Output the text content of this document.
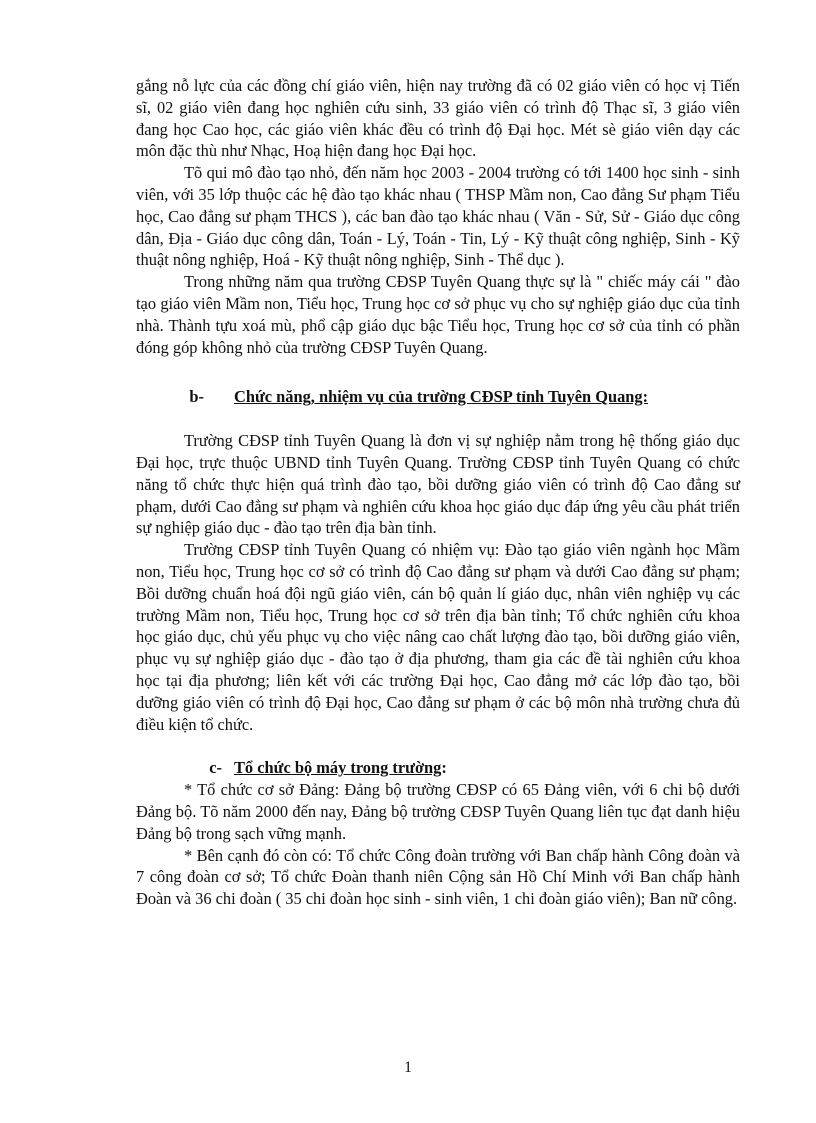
gắng nỗ lực của các đồng chí giáo viên, hiện nay trường đã có 02 giáo viên có học vị Tiến sĩ, 02 giáo viên đang học nghiên cứu sinh, 33 giáo viên có trình độ Thạc sĩ, 3 giáo viên đang học Cao học, các giáo viên khác đều có trình độ Đại học. Mét sè giáo viên dạy các môn đặc thù như Nhạc, Hoạ hiện đang học Đại học.

Tõ qui mô đào tạo nhỏ, đến năm học 2003 - 2004 trường có tới 1400 học sinh - sinh viên, với 35 lớp thuộc các hệ đào tạo khác nhau ( THSP Mầm non, Cao đẳng Sư phạm Tiểu học, Cao đẳng sư phạm THCS ), các ban đào tạo khác nhau ( Văn - Sử, Sử - Giáo dục công dân, Địa - Giáo dục công dân, Toán - Lý, Toán - Tin, Lý - Kỹ thuật công nghiệp, Sinh - Kỹ thuật nông nghiệp, Hoá - Kỹ thuật nông nghiệp, Sinh - Thể dục ).

Trong những năm qua trường CĐSP Tuyên Quang thực sự là " chiếc máy cái " đào tạo giáo viên Mầm non, Tiểu học, Trung học cơ sở phục vụ cho sự nghiệp giáo dục của tỉnh nhà. Thành tựu xoá mù, phổ cập giáo dục bậc Tiểu học, Trung học cơ sở của tỉnh có phần đóng góp không nhỏ của trường CĐSP Tuyên Quang.

b- Chức năng, nhiệm vụ của trường CĐSP tỉnh Tuyên Quang:

Trường CĐSP tỉnh Tuyên Quang là đơn vị sự nghiệp nằm trong hệ thống giáo dục Đại học, trực thuộc UBND tỉnh Tuyên Quang. Trường CĐSP tỉnh Tuyên Quang có chức năng tổ chức thực hiện quá trình đào tạo, bồi dưỡng giáo viên có trình độ Cao đẳng sư phạm, dưới Cao đẳng sư phạm và nghiên cứu khoa học giáo dục đáp ứng yêu cầu phát triển sự nghiệp giáo dục - đào tạo trên địa bàn tỉnh.

Trường CĐSP tỉnh Tuyên Quang có nhiệm vụ: Đào tạo giáo viên ngành học Mầm non, Tiểu học, Trung học cơ sở có trình độ Cao đẳng sư phạm và dưới Cao đẳng sư phạm; Bồi dưỡng chuẩn hoá đội ngũ giáo viên, cán bộ quản lí giáo dục, nhân viên nghiệp vụ các trường Mầm non, Tiểu học, Trung học cơ sở trên địa bàn tỉnh; Tổ chức nghiên cứu khoa học giáo dục, chủ yếu phục vụ cho việc nâng cao chất lượng đào tạo, bồi dưỡng giáo viên, phục vụ sự nghiệp giáo dục - đào tạo ở địa phương, tham gia các đề tài nghiên cứu khoa học tại địa phương; liên kết với các trường Đại học, Cao đẳng mở các lớp đào tạo, bồi dưỡng giáo viên có trình độ Đại học, Cao đẳng sư phạm ở các bộ môn nhà trường chưa đủ điều kiện tổ chức.

c- Tổ chức bộ máy trong trường:

* Tổ chức cơ sở Đảng: Đảng bộ trường CĐSP có 65 Đảng viên, với 6 chi bộ dưới Đảng bộ. Tõ năm 2000 đến nay, Đảng bộ trường CĐSP Tuyên Quang liên tục đạt danh hiệu Đảng bộ trong sạch vững mạnh.

* Bên cạnh đó còn có: Tổ chức Công đoàn trường với Ban chấp hành Công đoàn và 7 công đoàn cơ sở; Tổ chức Đoàn thanh niên Cộng sản Hồ Chí Minh với Ban chấp hành Đoàn và 36 chi đoàn ( 35 chi đoàn học sinh - sinh viên, 1 chi đoàn giáo viên); Ban nữ công.

1
